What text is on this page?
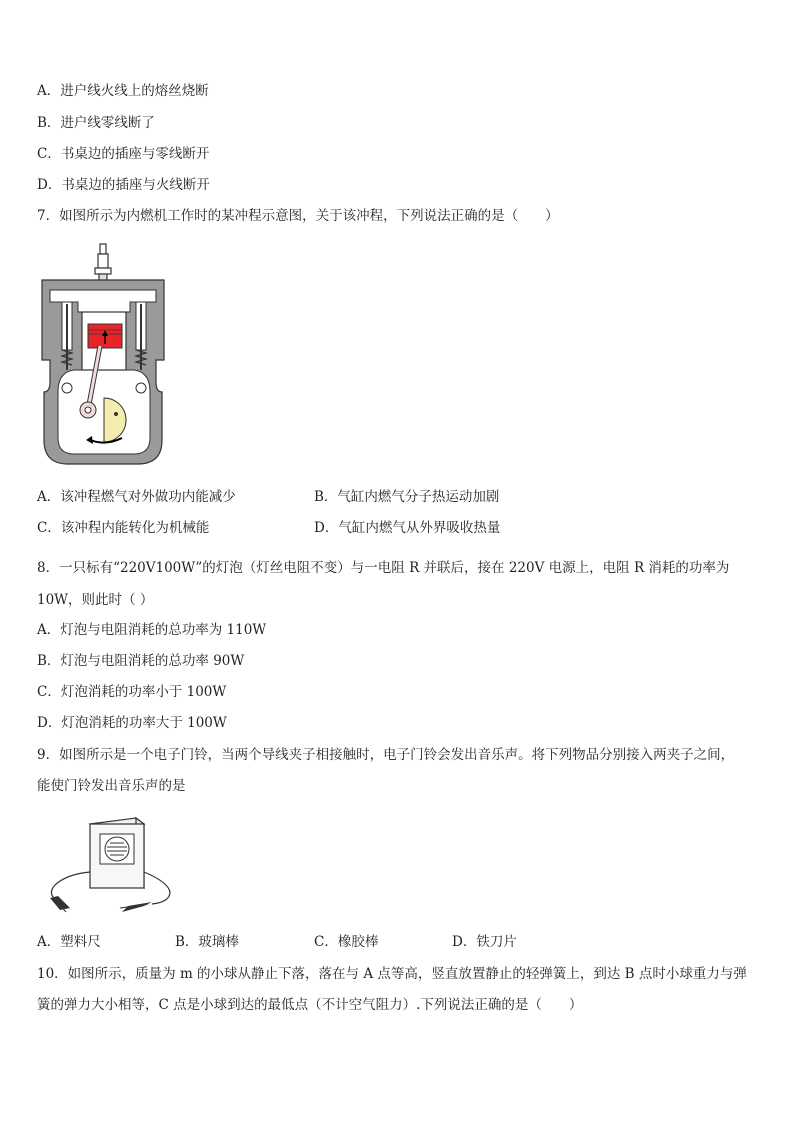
A．进户线火线上的熔丝烧断
B．进户线零线断了
C．书桌边的插座与零线断开
D．书桌边的插座与火线断开
7．如图所示为内燃机工作时的某冲程示意图，关于该冲程，下列说法正确的是（　　）
A．该冲程燃气对外做功内能减少	B．气缸内燃气分子热运动加剧
C．该冲程内能转化为机械能	D．气缸内燃气从外界吸收热量
8．一只标有“220V100W”的灯泡（灯丝电阻不变）与一电阻 R 并联后，接在 220V 电源上，电阻 R 消耗的功率为
10W，则此时（ ）
A．灯泡与电阻消耗的总功率为 110W
B．灯泡与电阻消耗的总功率 90W
C．灯泡消耗的功率小于 100W
D．灯泡消耗的功率大于 100W
9．如图所示是一个电子门铃，当两个导线夹子相接触时，电子门铃会发出音乐声。将下列物品分别接入两夹子之间，
能使门铃发出音乐声的是
A．塑料尺	B．玻璃棒	C．橡胶棒	D．铁刀片
10．如图所示，质量为 m 的小球从静止下落，落在与 A 点等高，竖直放置静止的轻弹簧上，到达 B 点时小球重力与弹
簧的弹力大小相等，C 点是小球到达的最低点（不计空气阻力）.下列说法正确的是（　　）
